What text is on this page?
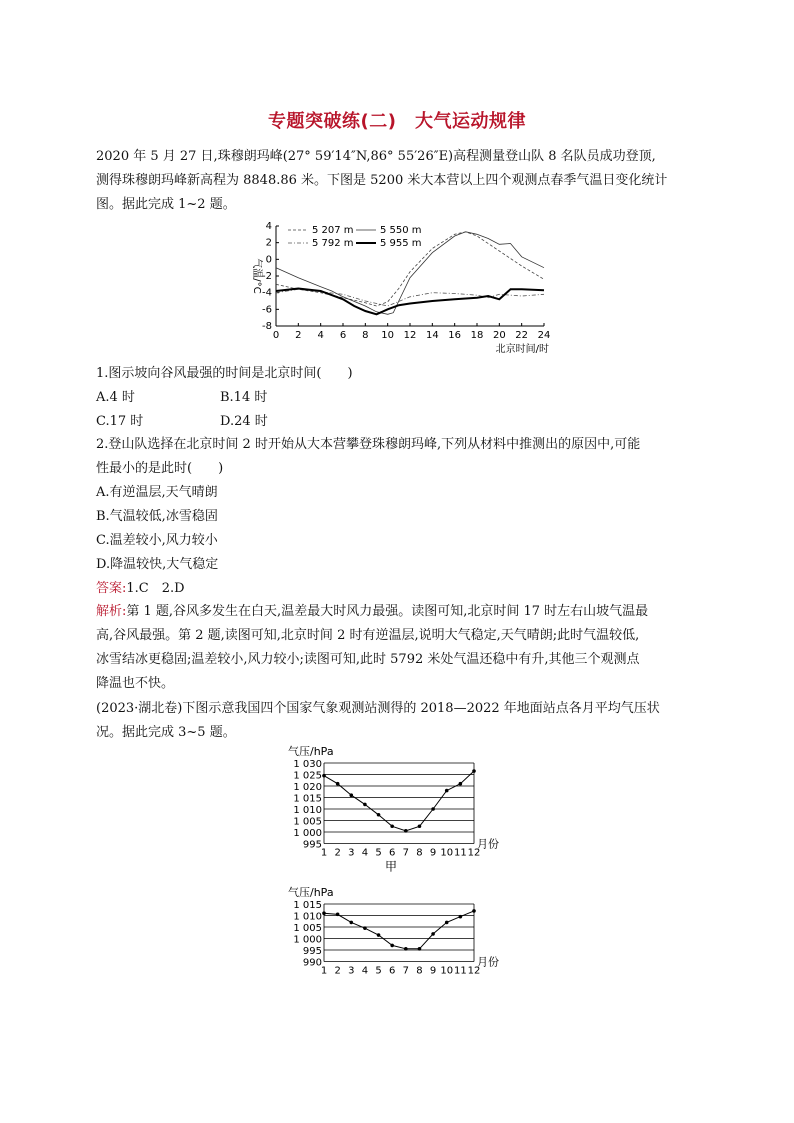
专题突破练(二)　大气运动规律
2020 年 5 月 27 日,珠穆朗玛峰(27° 59′14″N,86° 55′26″E)高程测量登山队 8 名队员成功登顶,
测得珠穆朗玛峰新高程为 8848.86 米。下图是 5200 米大本营以上四个观测点春季气温日变化统计
图。据此完成 1~2 题。
4
2
0
-2
-4
-6
-8
0 2 4 6 8 10 12 14 16 18 20 22 24
北京时间/时
气温/°C
5 207 m	5 550 m
5 792 m	5 955 m
1.图示坡向谷风最强的时间是北京时间(　　)
A.4 时	B.14 时
C.17 时	D.24 时
2.登山队选择在北京时间 2 时开始从大本营攀登珠穆朗玛峰,下列从材料中推测出的原因中,可能
性最小的是此时(　　)
A.有逆温层,天气晴朗
B.气温较低,冰雪稳固
C.温差较小,风力较小
D.降温较快,大气稳定
答案:1.C　2.D
解析:第 1 题,谷风多发生在白天,温差最大时风力最强。读图可知,北京时间 17 时左右山坡气温最
高,谷风最强。第 2 题,读图可知,北京时间 2 时有逆温层,说明大气稳定,天气晴朗;此时气温较低,
冰雪结冰更稳固;温差较小,风力较小;读图可知,此时 5792 米处气温还稳中有升,其他三个观测点
降温也不快。
(2023·湖北卷)下图示意我国四个国家气象观测站测得的 2018—2022 年地面站点各月平均气压状
况。据此完成 3~5 题。
气压/hPa
1 030
1 025
1 020
1 015
1 010
1 005
1 000
995
1 2 3 4 5 6 7 8 9 10 11 12
月份
甲
气压/hPa
1 015
1 010
1 005
1 000
995
990
1 2 3 4 5 6 7 8 9 10 11 12
月份
